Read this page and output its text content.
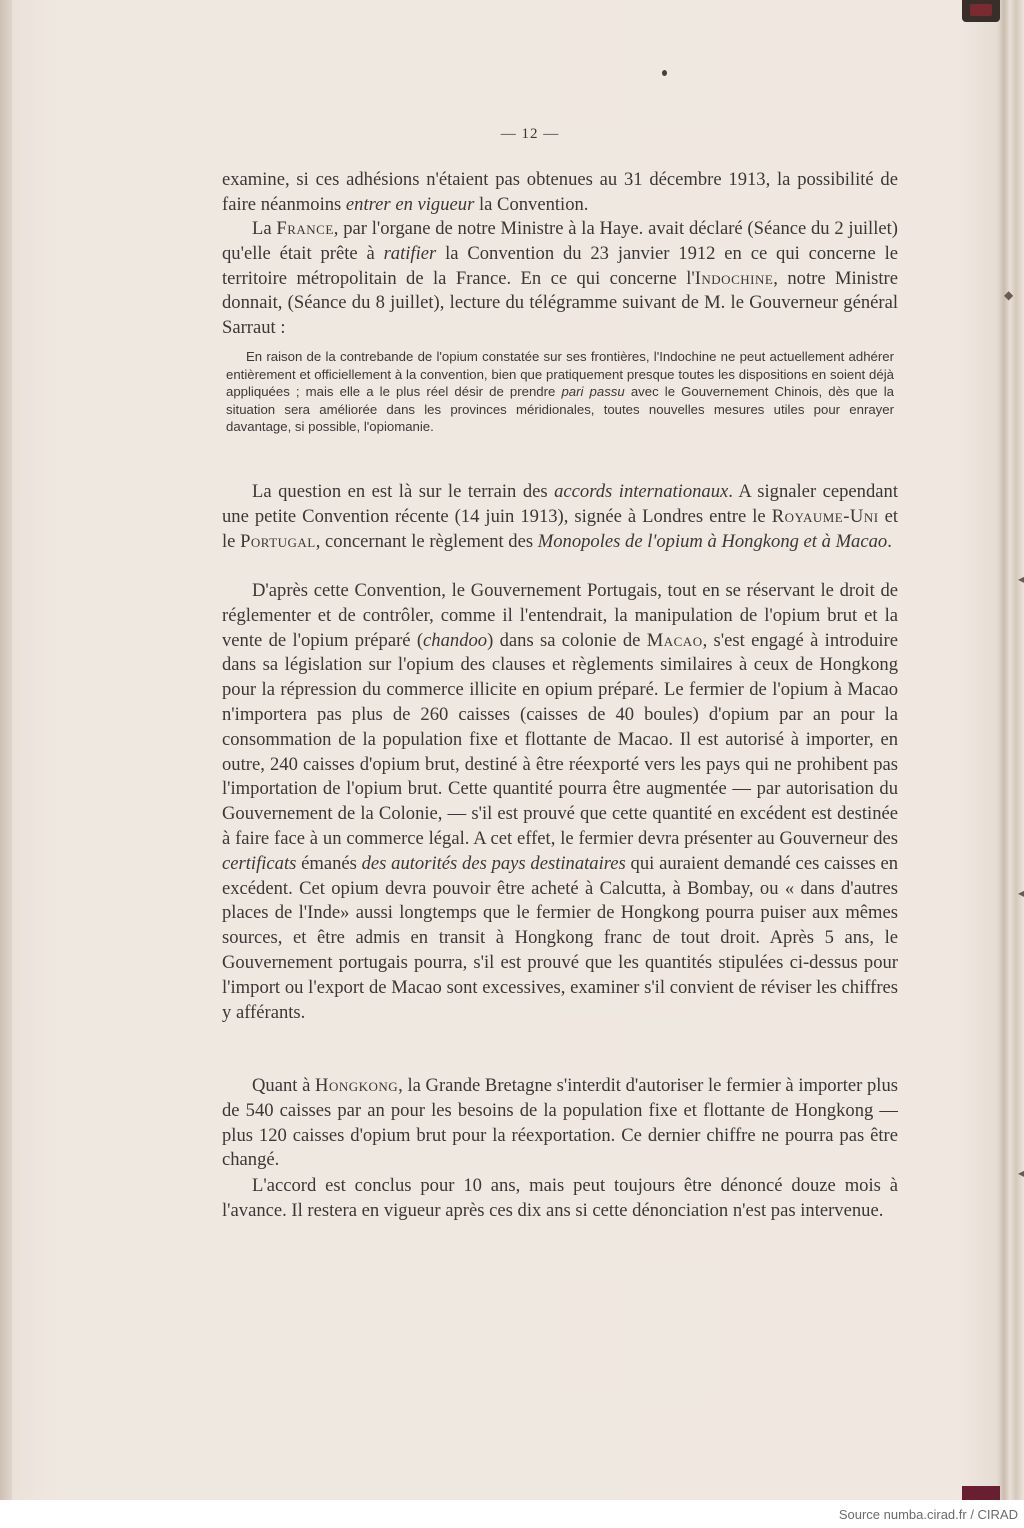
◆
◂
◂
◂
— 12 —

examine, si ces adhésions n'étaient pas obtenues au 31 décembre 1913, la possibilité de faire néanmoins entrer en vigueur la Convention.

La France, par l'organe de notre Ministre à la Haye. avait déclaré (Séance du 2 juillet) qu'elle était prête à ratifier la Convention du 23 janvier 1912 en ce qui concerne le territoire métropolitain de la France. En ce qui concerne l'Indochine, notre Ministre donnait, (Séance du 8 juillet), lecture du télégramme suivant de M. le Gouverneur général Sarraut :

En raison de la contrebande de l'opium constatée sur ses frontières, l'Indochine ne peut actuellement adhérer entièrement et officiellement à la convention, bien que pratiquement presque toutes les dispositions en soient déjà appliquées ; mais elle a le plus réel désir de prendre pari passu avec le Gouvernement Chinois, dès que la situation sera améliorée dans les provinces méridionales, toutes nouvelles mesures utiles pour enrayer davantage, si possible, l'opiomanie.

La question en est là sur le terrain des accords internationaux. A signaler cependant une petite Convention récente (14 juin 1913), signée à Londres entre le Royaume-Uni et le Portugal, concernant le règlement des Monopoles de l'opium à Hongkong et à Macao.

D'après cette Convention, le Gouvernement Portugais, tout en se réservant le droit de réglementer et de contrôler, comme il l'entendrait, la manipulation de l'opium brut et la vente de l'opium préparé (chandoo) dans sa colonie de Macao, s'est engagé à introduire dans sa législation sur l'opium des clauses et règlements similaires à ceux de Hongkong pour la répression du commerce illicite en opium préparé. Le fermier de l'opium à Macao n'importera pas plus de 260 caisses (caisses de 40 boules) d'opium par an pour la consommation de la population fixe et flottante de Macao. Il est autorisé à importer, en outre, 240 caisses d'opium brut, destiné à être réexporté vers les pays qui ne prohibent pas l'importation de l'opium brut. Cette quantité pourra être augmentée — par autorisation du Gouvernement de la Colonie, — s'il est prouvé que cette quantité en excédent est destinée à faire face à un commerce légal. A cet effet, le fermier devra présenter au Gouverneur des certificats émanés des autorités des pays destinataires qui auraient demandé ces caisses en excédent. Cet opium devra pouvoir être acheté à Calcutta, à Bombay, ou « dans d'autres places de l'Inde» aussi longtemps que le fermier de Hongkong pourra puiser aux mêmes sources, et être admis en transit à Hongkong franc de tout droit. Après 5 ans, le Gouvernement portugais pourra, s'il est prouvé que les quantités stipulées ci-dessus pour l'import ou l'export de Macao sont excessives, examiner s'il convient de réviser les chiffres y afférants.

Quant à Hongkong, la Grande Bretagne s'interdit d'autoriser le fermier à importer plus de 540 caisses par an pour les besoins de la population fixe et flottante de Hongkong — plus 120 caisses d'opium brut pour la réexportation. Ce dernier chiffre ne pourra pas être changé.

L'accord est conclus pour 10 ans, mais peut toujours être dénoncé douze mois à l'avance. Il restera en vigueur après ces dix ans si cette dénonciation n'est pas intervenue.

Source numba.cirad.fr / CIRAD
